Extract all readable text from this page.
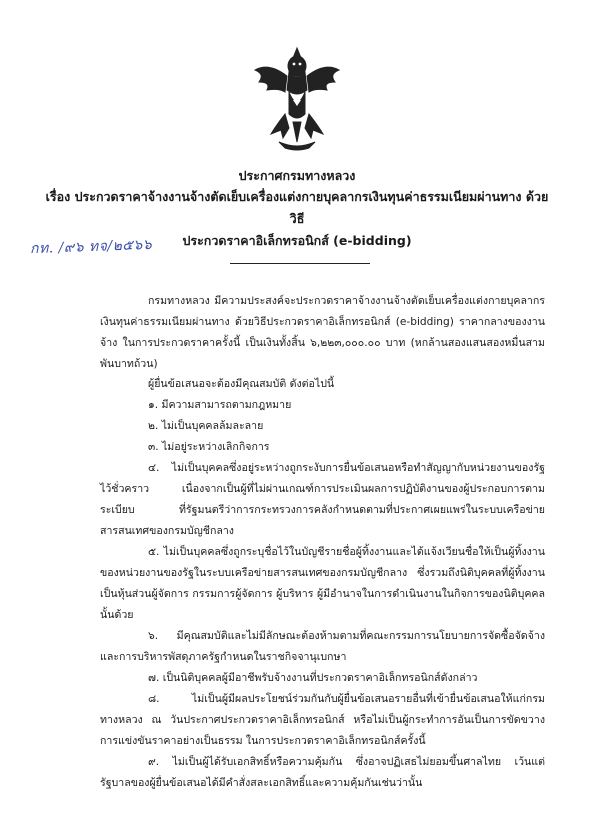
ประกาศกรมทางหลวง
เรื่อง ประกวดราคาจ้างงานจ้างตัดเย็บเครื่องแต่งกายบุคลากรเงินทุนค่าธรรมเนียมผ่านทาง ด้วยวิธี
ประกวดราคาอิเล็กทรอนิกส์ (e-bidding)
กท. /๙๖ ทจ/๒๕๖๖

กรมทางหลวง มีความประสงค์จะประกวดราคาจ้างงานจ้างตัดเย็บเครื่องแต่งกายบุคลากรเงินทุนค่าธรรมเนียมผ่านทาง ด้วยวิธีประกวดราคาอิเล็กทรอนิกส์ (e-bidding) ราคากลางของงานจ้าง ในการประกวดราคาครั้งนี้ เป็นเงินทั้งสิ้น ๖,๒๒๓,๐๐๐.๐๐ บาท (หกล้านสองแสนสองหมื่นสามพันบาทถ้วน)

ผู้ยื่นข้อเสนอจะต้องมีคุณสมบัติ ดังต่อไปนี้

๑. มีความสามารถตามกฎหมาย

๒. ไม่เป็นบุคคลล้มละลาย

๓. ไม่อยู่ระหว่างเลิกกิจการ

๔. ไม่เป็นบุคคลซึ่งอยู่ระหว่างถูกระงับการยื่นข้อเสนอหรือทำสัญญากับหน่วยงานของรัฐไว้ชั่วคราว เนื่องจากเป็นผู้ที่ไม่ผ่านเกณฑ์การประเมินผลการปฏิบัติงานของผู้ประกอบการตามระเบียบ ที่รัฐมนตรีว่าการกระทรวงการคลังกำหนดตามที่ประกาศเผยแพร่ในระบบเครือข่ายสารสนเทศของกรมบัญชีกลาง

๕. ไม่เป็นบุคคลซึ่งถูกระบุชื่อไว้ในบัญชีรายชื่อผู้ทิ้งงานและได้แจ้งเวียนชื่อให้เป็นผู้ทิ้งงานของหน่วยงานของรัฐในระบบเครือข่ายสารสนเทศของกรมบัญชีกลาง ซึ่งรวมถึงนิติบุคคลที่ผู้ทิ้งงานเป็นหุ้นส่วนผู้จัดการ กรรมการผู้จัดการ ผู้บริหาร ผู้มีอำนาจในการดำเนินงานในกิจการของนิติบุคคลนั้นด้วย

๖. มีคุณสมบัติและไม่มีลักษณะต้องห้ามตามที่คณะกรรมการนโยบายการจัดซื้อจัดจ้างและการบริหารพัสดุภาครัฐกำหนดในราชกิจจานุเบกษา

๗. เป็นนิติบุคคลผู้มีอาชีพรับจ้างงานที่ประกวดราคาอิเล็กทรอนิกส์ดังกล่าว

๘. ไม่เป็นผู้มีผลประโยชน์ร่วมกันกับผู้ยื่นข้อเสนอรายอื่นที่เข้ายื่นข้อเสนอให้แก่กรมทางหลวง ณ วันประกาศประกวดราคาอิเล็กทรอนิกส์ หรือไม่เป็นผู้กระทำการอันเป็นการขัดขวางการแข่งขันราคาอย่างเป็นธรรม ในการประกวดราคาอิเล็กทรอนิกส์ครั้งนี้

๙. ไม่เป็นผู้ได้รับเอกสิทธิ์หรือความคุ้มกัน ซึ่งอาจปฏิเสธไม่ยอมขึ้นศาลไทย เว้นแต่รัฐบาลของผู้ยื่นข้อเสนอได้มีคำสั่งสละเอกสิทธิ์และความคุ้มกันเช่นว่านั้น
